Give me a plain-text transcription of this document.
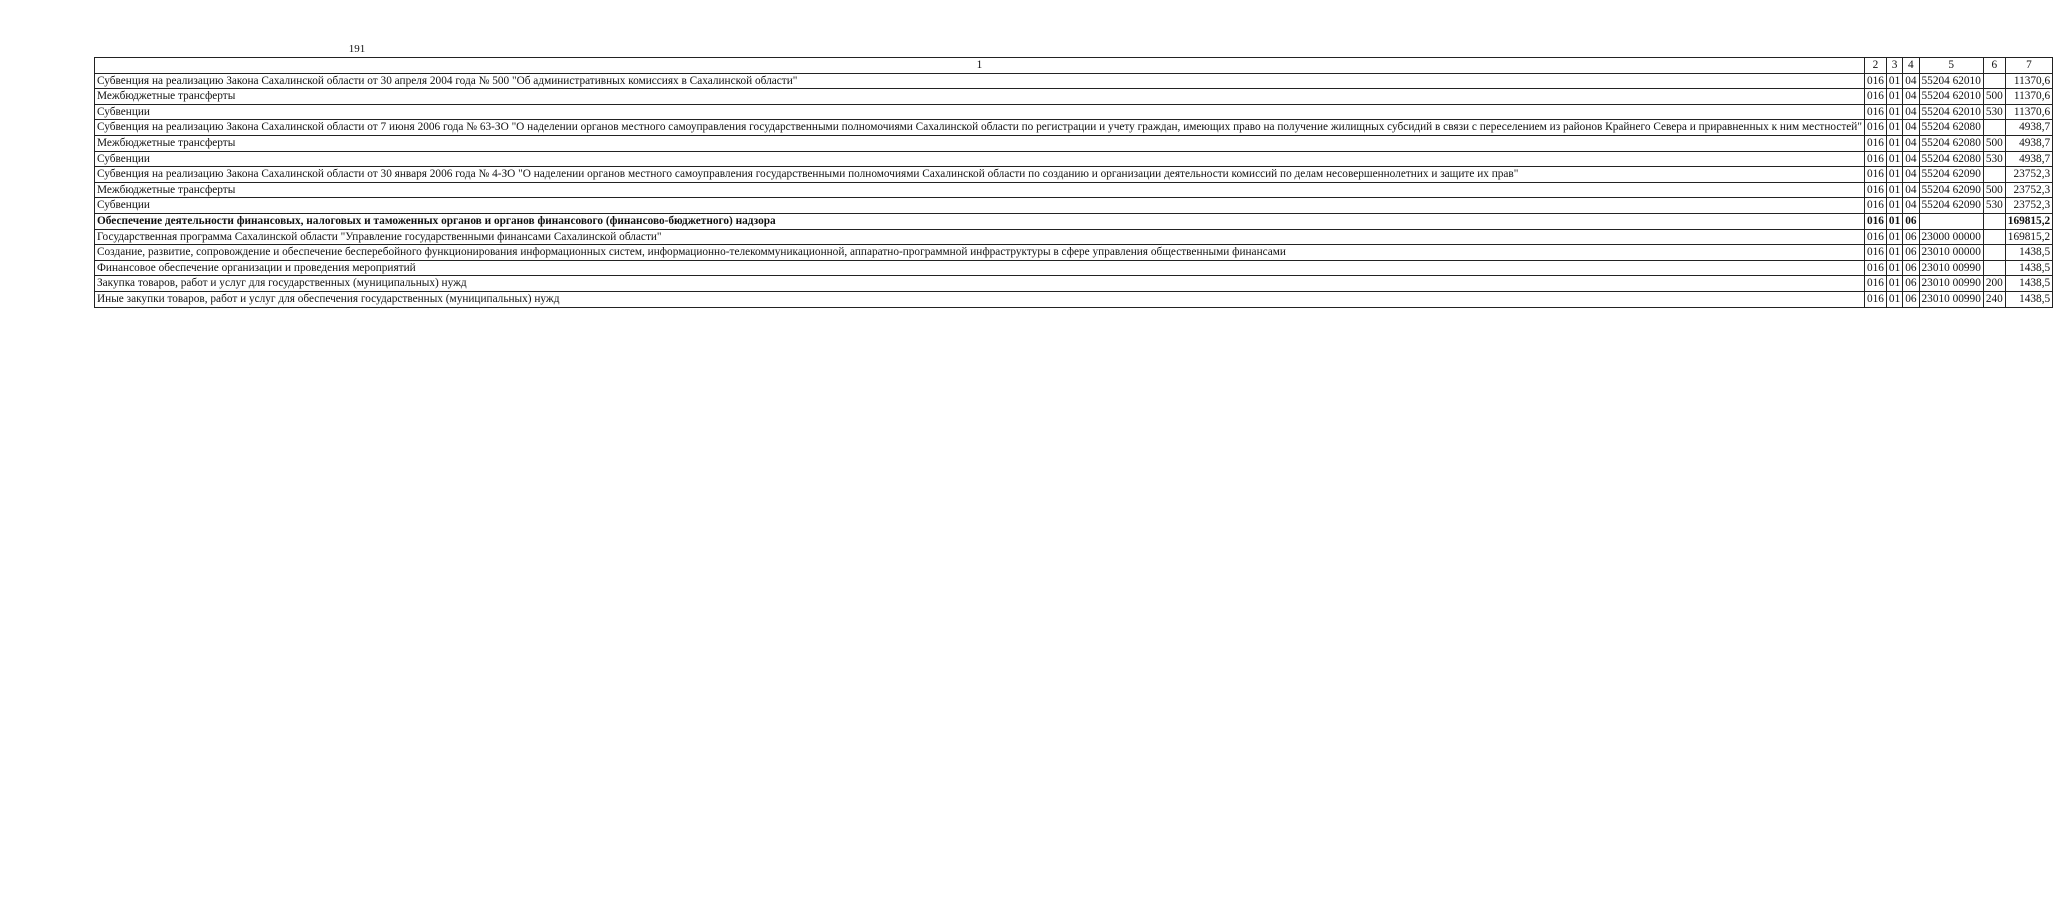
191
1	2	3	4	5	6	7
Субвенция на реализацию Закона Сахалинской области от 30 апреля 2004 года № 500 "Об административных комиссиях в Сахалинской области"	016	01	04	55204 62010		11370,6
Межбюджетные трансферты	016	01	04	55204 62010	500	11370,6
Субвенции	016	01	04	55204 62010	530	11370,6
Субвенция на реализацию Закона Сахалинской области от 7 июня 2006 года № 63-ЗО "О наделении органов местного самоуправления государственными полномочиями Сахалинской области по регистрации и учету граждан, имеющих право на получение жилищных субсидий в связи с переселением из районов Крайнего Севера и приравненных к ним местностей"	016	01	04	55204 62080		4938,7
Межбюджетные трансферты	016	01	04	55204 62080	500	4938,7
Субвенции	016	01	04	55204 62080	530	4938,7
Субвенция на реализацию Закона Сахалинской области от 30 января 2006 года № 4-ЗО "О наделении органов местного самоуправления государственными полномочиями Сахалинской области по созданию и организации деятельности комиссий по делам несовершеннолетних и защите их прав"	016	01	04	55204 62090		23752,3
Межбюджетные трансферты	016	01	04	55204 62090	500	23752,3
Субвенции	016	01	04	55204 62090	530	23752,3
Обеспечение деятельности финансовых, налоговых и таможенных органов и органов финансового (финансово-бюджетного) надзора	016	01	06			169815,2
Государственная программа Сахалинской области "Управление государственными финансами Сахалинской области"	016	01	06	23000 00000		169815,2
Создание, развитие, сопровождение и обеспечение бесперебойного функционирования информационных систем, информационно-телекоммуникационной, аппаратно-программной инфраструктуры в сфере управления общественными финансами	016	01	06	23010 00000		1438,5
Финансовое обеспечение организации и проведения мероприятий	016	01	06	23010 00990		1438,5
Закупка товаров, работ и услуг для государственных (муниципальных) нужд	016	01	06	23010 00990	200	1438,5
Иные закупки товаров, работ и услуг для обеспечения государственных (муниципальных) нужд	016	01	06	23010 00990	240	1438,5
